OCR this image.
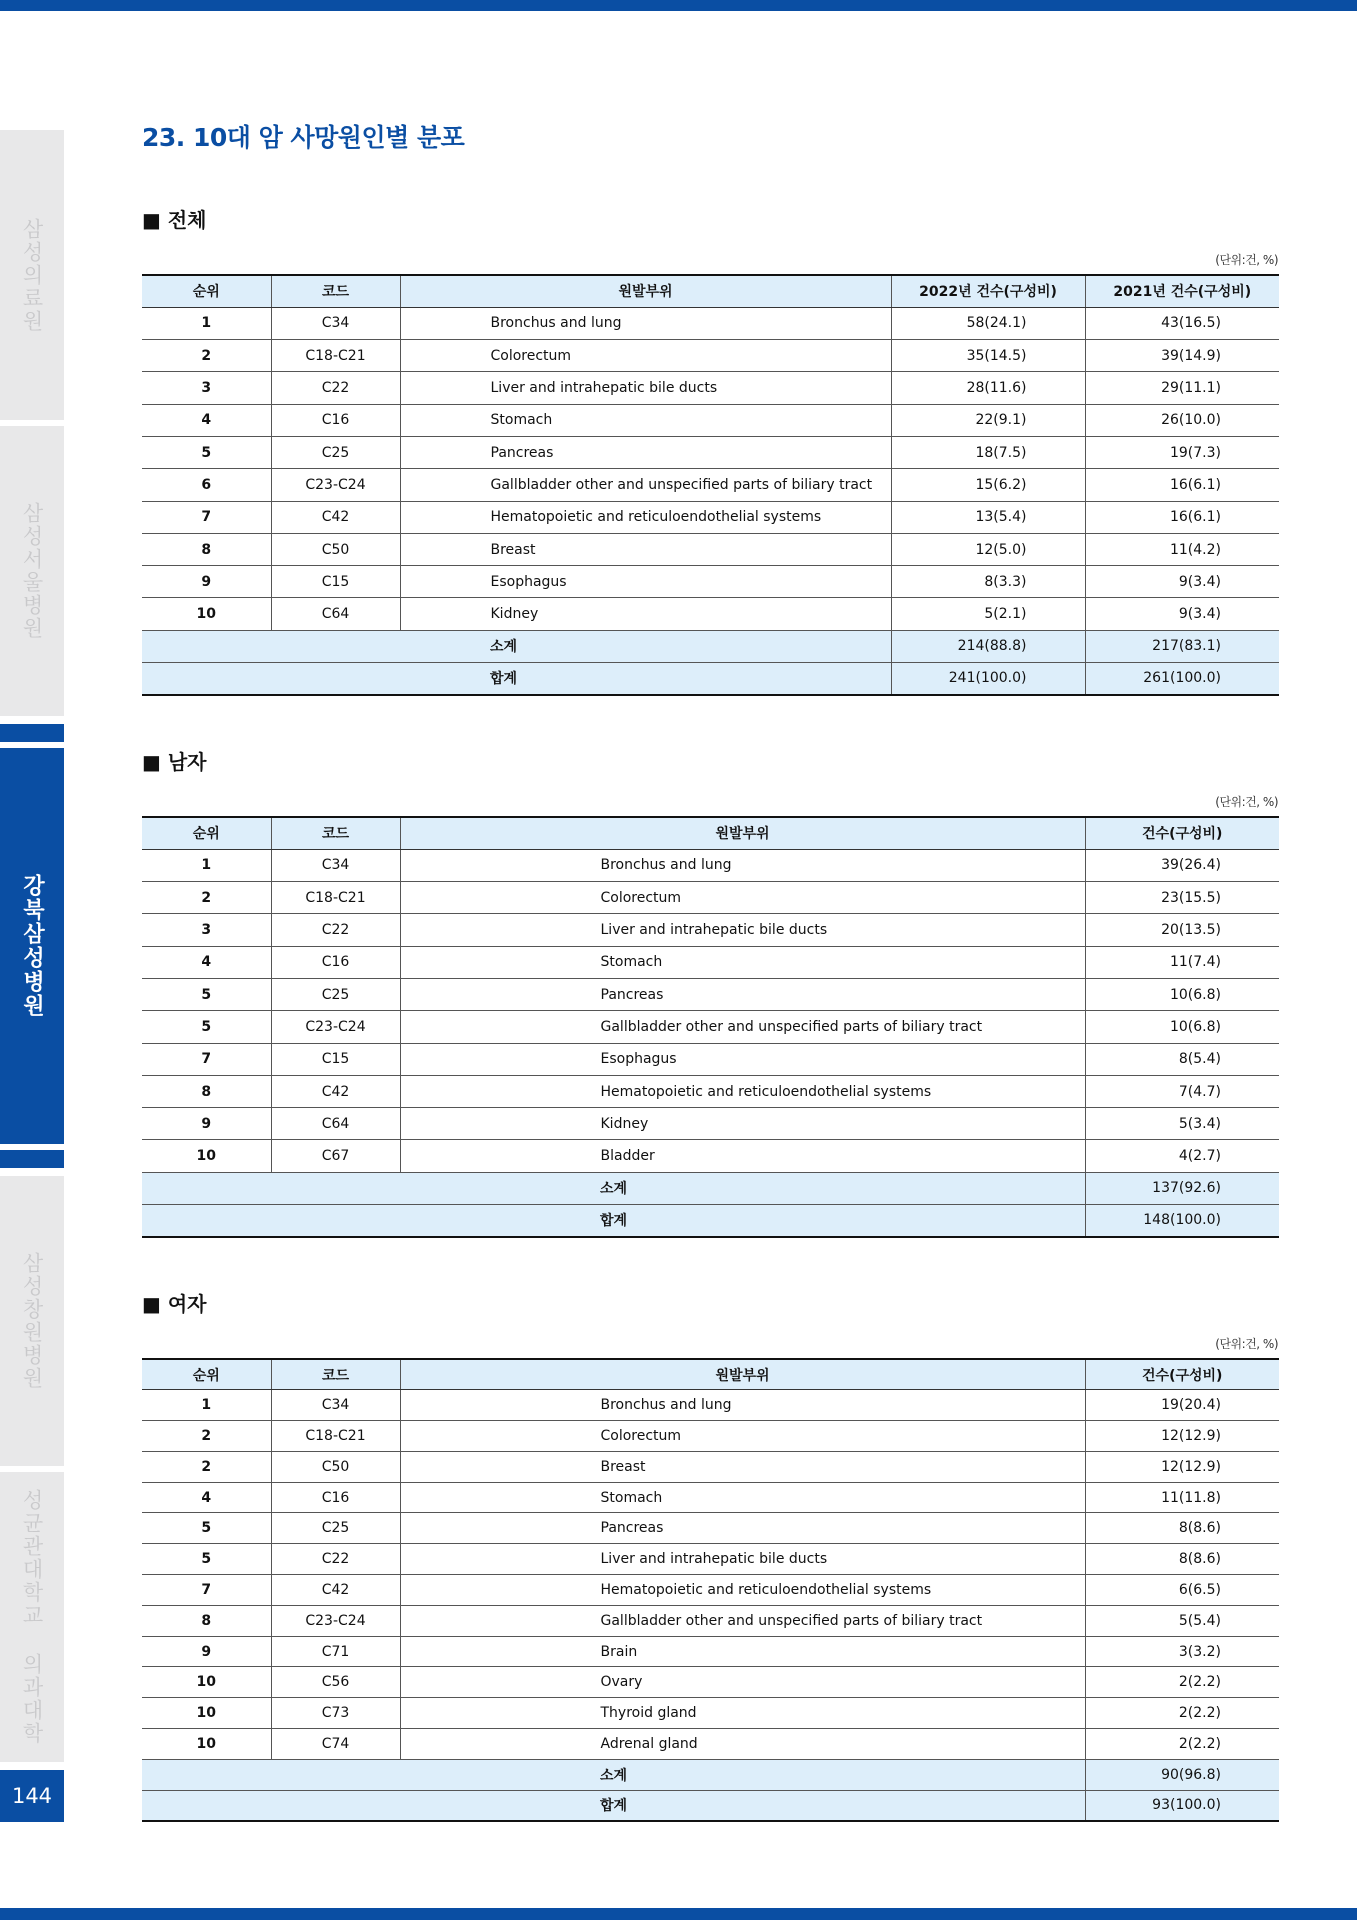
삼성의료원
삼성서울병원
강북삼성병원
삼성창원병원
성균관대학교 의과대학
144
23. 10대 암 사망원인별 분포
■ 전체
(단위:건, %)
순위	코드	원발부위	2022년 건수(구성비)	2021년 건수(구성비)
1	C34	Bronchus and lung	58(24.1)	43(16.5)
2	C18-C21	Colorectum	35(14.5)	39(14.9)
3	C22	Liver and intrahepatic bile ducts	28(11.6)	29(11.1)
4	C16	Stomach	22(9.1)	26(10.0)
5	C25	Pancreas	18(7.5)	19(7.3)
6	C23-C24	Gallbladder other and unspecified parts of biliary tract	15(6.2)	16(6.1)
7	C42	Hematopoietic and reticuloendothelial systems	13(5.4)	16(6.1)
8	C50	Breast	12(5.0)	11(4.2)
9	C15	Esophagus	8(3.3)	9(3.4)
10	C64	Kidney	5(2.1)	9(3.4)
소계			214(88.8)	217(83.1)
합계			241(100.0)	261(100.0)
■ 남자
(단위:건, %)
순위	코드	원발부위	건수(구성비)
1	C34	Bronchus and lung	39(26.4)
2	C18-C21	Colorectum	23(15.5)
3	C22	Liver and intrahepatic bile ducts	20(13.5)
4	C16	Stomach	11(7.4)
5	C25	Pancreas	10(6.8)
5	C23-C24	Gallbladder other and unspecified parts of biliary tract	10(6.8)
7	C15	Esophagus	8(5.4)
8	C42	Hematopoietic and reticuloendothelial systems	7(4.7)
9	C64	Kidney	5(3.4)
10	C67	Bladder	4(2.7)
소계			137(92.6)
합계			148(100.0)
■ 여자
(단위:건, %)
순위	코드	원발부위	건수(구성비)
1	C34	Bronchus and lung	19(20.4)
2	C18-C21	Colorectum	12(12.9)
2	C50	Breast	12(12.9)
4	C16	Stomach	11(11.8)
5	C25	Pancreas	8(8.6)
5	C22	Liver and intrahepatic bile ducts	8(8.6)
7	C42	Hematopoietic and reticuloendothelial systems	6(6.5)
8	C23-C24	Gallbladder other and unspecified parts of biliary tract	5(5.4)
9	C71	Brain	3(3.2)
10	C56	Ovary	2(2.2)
10	C73	Thyroid gland	2(2.2)
10	C74	Adrenal gland	2(2.2)
소계			90(96.8)
합계			93(100.0)
